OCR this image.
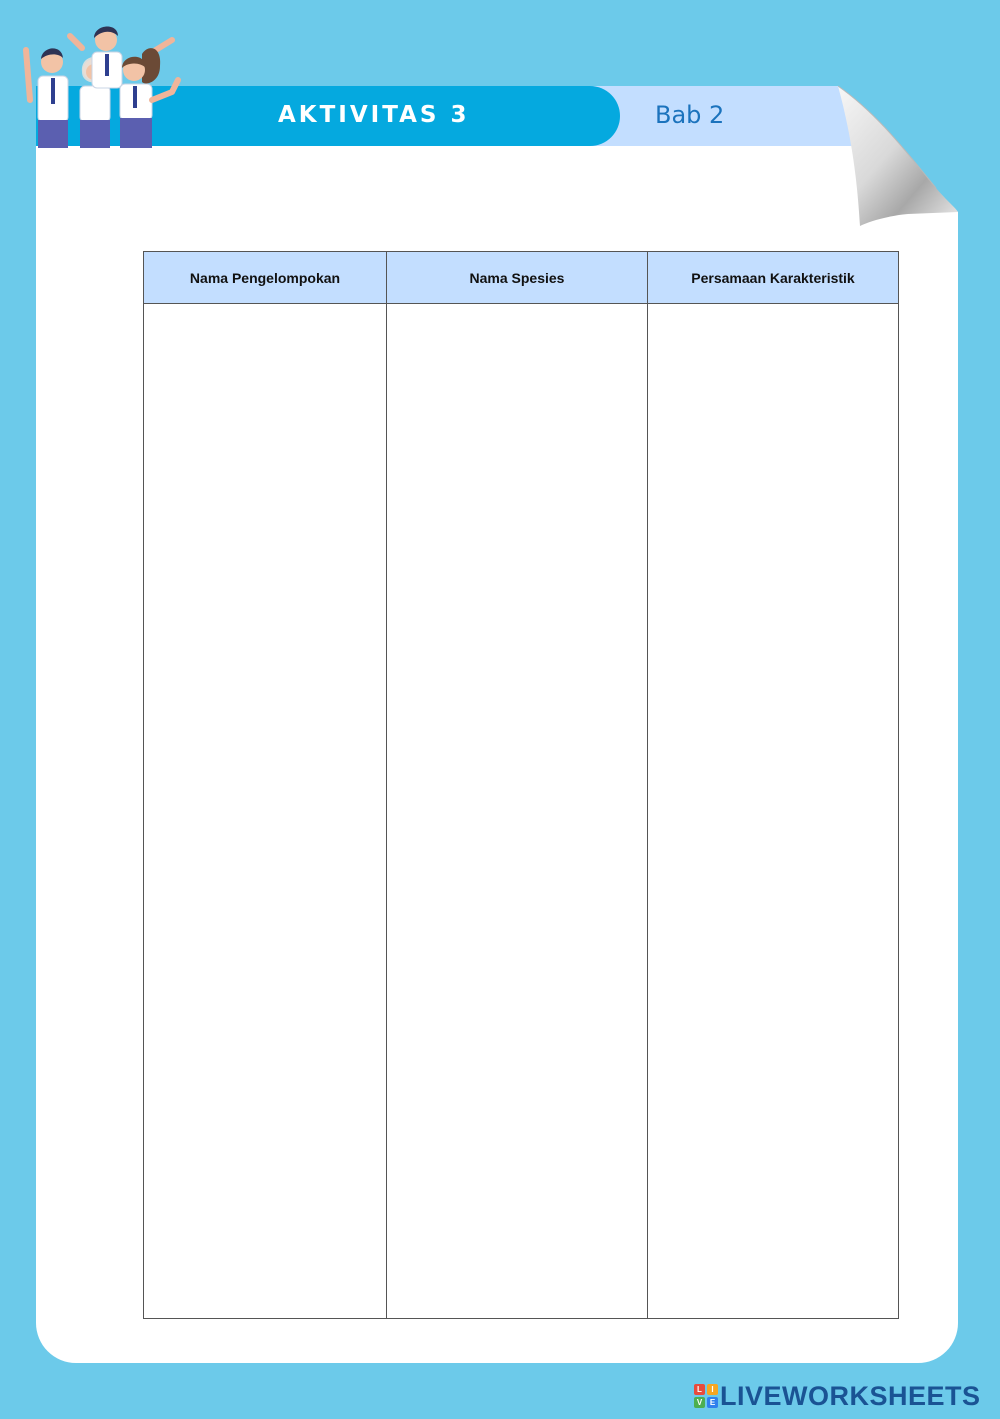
AKTIVITAS 3	Bab 2
Nama Pengelompokan	Nama Spesies	Persamaan Karakteristik

L	I
V E LIVEWORKSHEETS
